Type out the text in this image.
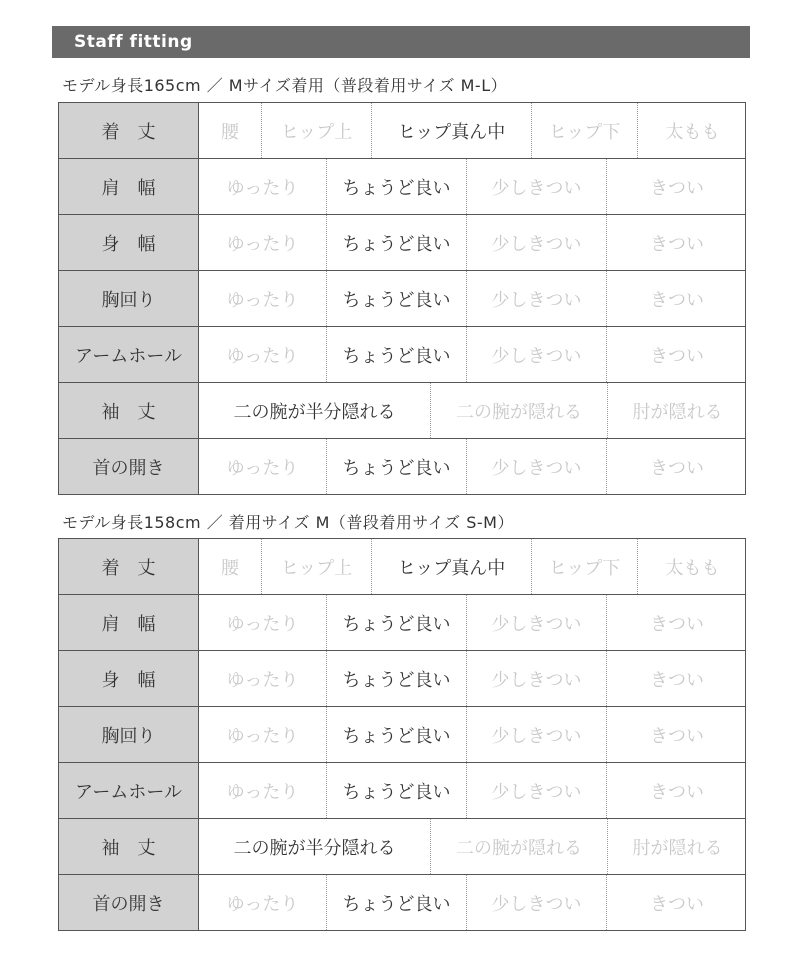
Staff fitting
モデル身長165cm ／ Mサイズ着用（普段着用サイズ M-L）
着　丈	腰	ヒップ上	ヒップ真ん中	ヒップ下	太もも
肩　幅	ゆったり	ちょうど良い	少しきつい	きつい
身　幅	ゆったり	ちょうど良い	少しきつい	きつい
胸回り	ゆったり	ちょうど良い	少しきつい	きつい
アームホール	ゆったり	ちょうど良い	少しきつい	きつい
袖　丈	二の腕が半分隠れる	二の腕が隠れる	肘が隠れる
首の開き	ゆったり	ちょうど良い	少しきつい	きつい
モデル身長158cm ／ 着用サイズ M（普段着用サイズ S-M）
着　丈	腰	ヒップ上	ヒップ真ん中	ヒップ下	太もも
肩　幅	ゆったり	ちょうど良い	少しきつい	きつい
身　幅	ゆったり	ちょうど良い	少しきつい	きつい
胸回り	ゆったり	ちょうど良い	少しきつい	きつい
アームホール	ゆったり	ちょうど良い	少しきつい	きつい
袖　丈	二の腕が半分隠れる	二の腕が隠れる	肘が隠れる
首の開き	ゆったり	ちょうど良い	少しきつい	きつい
